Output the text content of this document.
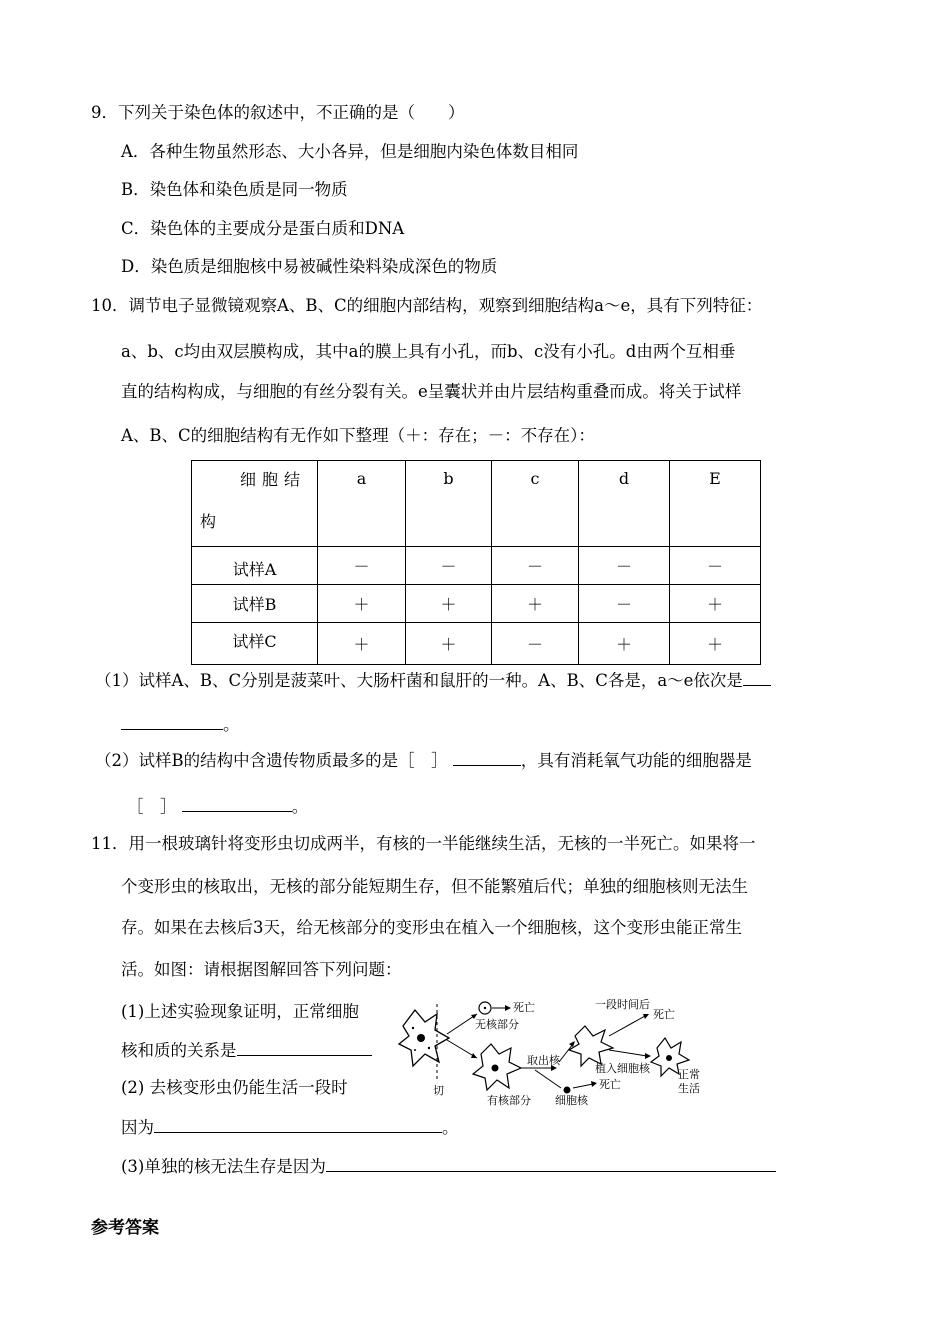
9．下列关于染色体的叙述中，不正确的是（　　）
A．各种生物虽然形态、大小各异，但是细胞内染色体数目相同
B．染色体和染色质是同一物质
C．染色体的主要成分是蛋白质和DNA
D．染色质是细胞核中易被碱性染料染成深色的物质
10．调节电子显微镜观察A、B、C的细胞内部结构，观察到细胞结构a～e，具有下列特征：
a、b、c均由双层膜构成，其中a的膜上具有小孔，而b、c没有小孔。d由两个互相垂
直的结构构成，与细胞的有丝分裂有关。e呈囊状并由片层结构重叠而成。将关于试样
A、B、C的细胞结构有无作如下整理（＋：存在；－：不存在）：
细胞结
构	a	b	c	d	E
试样A	－	－	－	－	－
试样B	＋	＋	＋	－	＋
试样C	＋	＋	－	＋	＋
（1）试样A、B、C分别是菠菜叶、大肠杆菌和鼠肝的一种。A、B、C各是，a～e依次是
。
（2）试样B的结构中含遗传物质最多的是［　］	，具有消耗氧气功能的细胞器是
［　］	。
11．用一根玻璃针将变形虫切成两半，有核的一半能继续生活，无核的一半死亡。如果将一
个变形虫的核取出，无核的部分能短期生存，但不能繁殖后代；单独的细胞核则无法生
存。如果在去核后3天，给无核部分的变形虫在植入一个细胞核，这个变形虫能正常生
活。如图：请根据图解回答下列问题：
(1)上述实验现象证明，正常细胞
核和质的关系是
(2) 去核变形虫仍能生活一段时
因为	。
(3)单独的核无法生存是因为
切
死亡
无核部分
有核部分
取出核
死亡
细胞核
一段时间后
死亡
植入细胞核	正常
生活
参考答案
